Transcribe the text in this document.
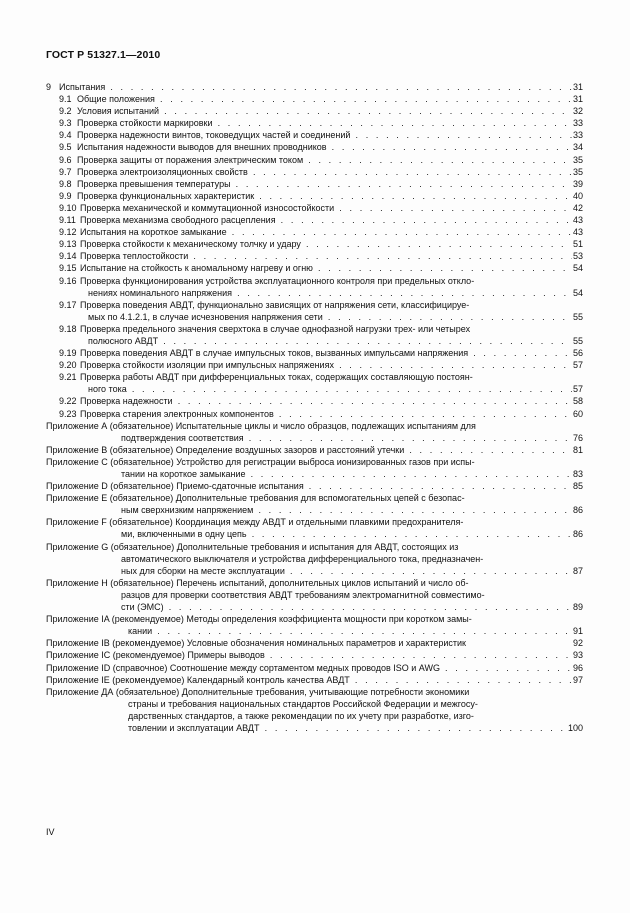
ГОСТ Р 51327.1—2010
9 Испытания . . .	31
9.1 Общие положения . . .	31
9.2 Условия испытаний . . .	32
9.3 Проверка стойкости маркировки . . .	33
9.4 Проверка надежности винтов, токоведущих частей и соединений . . .	33
9.5 Испытания надежности выводов для внешних проводников . . .	34
9.6 Проверка защиты от поражения электрическим током . . .	35
9.7 Проверка электроизоляционных свойств . . .	35
9.8 Проверка превышения температуры . . .	39
9.9 Проверка функциональных характеристик . . .	40
9.10 Проверка механической и коммутационной износостойкости . . .	42
9.11 Проверка механизма свободного расцепления . . .	43
9.12 Испытания на короткое замыкание . . .	43
9.13 Проверка стойкости к механическому толчку и удару . . .	51
9.14 Проверка теплостойкости . . .	53
9.15 Испытание на стойкость к аномальному нагреву и огню . . .	54
9.16 Проверка функционирования устройства эксплуатационного контроля при предельных откло-
нениях номинального напряжения . . .	54
9.17 Проверка поведения АВДТ, функционально зависящих от напряжения сети, классифицируе-
мых по 4.1.2.1, в случае исчезновения напряжения сети . . .	55
9.18 Проверка предельного значения сверхтока в случае однофазной нагрузки трех- или четырех
полюсного АВДТ . . .	55
9.19 Проверка поведения АВДТ в случае импульсных токов, вызванных импульсами напряжения . . .	56
9.20 Проверка стойкости изоляции при импульсных напряжениях . . .	57
9.21 Проверка работы АВДТ при дифференциальных токах, содержащих составляющую постоян-
ного тока . . .	57
9.22 Проверка надежности . . .	58
9.23 Проверка старения электронных компонентов . . .	60
Приложение А (обязательное) Испытательные циклы и число образцов, подлежащих испытаниям для
подтверждения соответствия . . .	76
Приложение В (обязательное) Определение воздушных зазоров и расстояний утечки . . .	81
Приложение С (обязательное) Устройство для регистрации выброса ионизированных газов при испы-
тании на короткое замыкание . . .	83
Приложение D (обязательное) Приемо-сдаточные испытания . . .	85
Приложение Е (обязательное) Дополнительные требования для вспомогательных цепей с безопас-
ным сверхнизким напряжением . . .	86
Приложение F (обязательное) Координация между АВДТ и отдельными плавкими предохранителя-
ми, включенными в одну цепь . . .	86
Приложение G (обязательное) Дополнительные требования и испытания для АВДТ, состоящих из
автоматического выключателя и устройства дифференциального тока, предназначен-
ных для сборки на месте эксплуатации . . .	87
Приложение Н (обязательное) Перечень испытаний, дополнительных циклов испытаний и число об-
разцов для проверки соответствия АВДТ требованиям электромагнитной совместимо-
сти (ЭМС) . . .	89
Приложение IA (рекомендуемое) Методы определения коэффициента мощности при коротком замы-
кании . . .	91
Приложение IB (рекомендуемое) Условные обозначения номинальных параметров и характеристик	92
Приложение IC (рекомендуемое) Примеры выводов . . .	93
Приложение ID (справочное) Соотношение между сортаментом медных проводов ISO и AWG . . .	96
Приложение IE (рекомендуемое) Календарный контроль качества АВДТ . . .	97
Приложение ДА (обязательное) Дополнительные требования, учитывающие потребности экономики
страны и требования национальных стандартов Российской Федерации и межгосу-
дарственных стандартов, а также рекомендации по их учету при разработке, изго-
товлении и эксплуатации АВДТ . . .	100
IV
